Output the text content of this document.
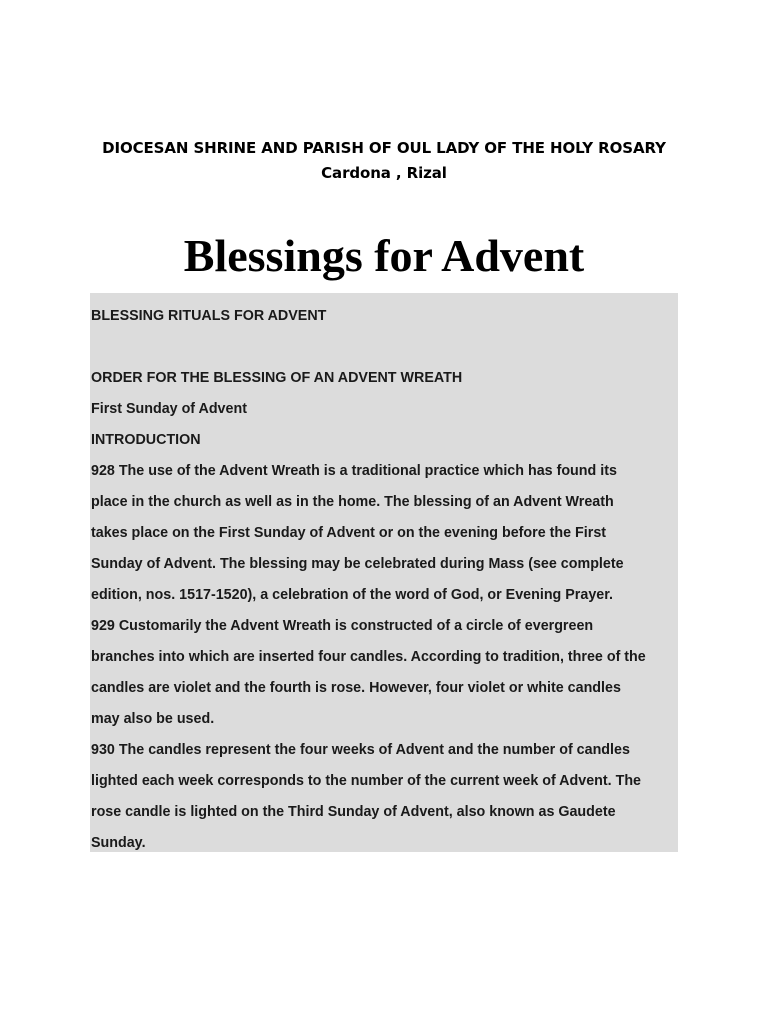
DIOCESAN SHRINE AND PARISH OF OUL LADY OF THE HOLY ROSARY
Cardona , Rizal
Blessings for Advent
BLESSING RITUALS FOR ADVENT
ORDER FOR THE BLESSING OF AN ADVENT WREATH
First Sunday of Advent
INTRODUCTION
928 The use of the Advent Wreath is a traditional practice which has found its
place in the church as well as in the home. The blessing of an Advent Wreath
takes place on the First Sunday of Advent or on the evening before the First
Sunday of Advent. The blessing may be celebrated during Mass (see complete
edition, nos. 1517-1520), a celebration of the word of God, or Evening Prayer.
929 Customarily the Advent Wreath is constructed of a circle of evergreen
branches into which are inserted four candles. According to tradition, three of the
candles are violet and the fourth is rose. However, four violet or white candles
may also be used.
930 The candles represent the four weeks of Advent and the number of candles
lighted each week corresponds to the number of the current week of Advent. The
rose candle is lighted on the Third Sunday of Advent, also known as Gaudete
Sunday.
